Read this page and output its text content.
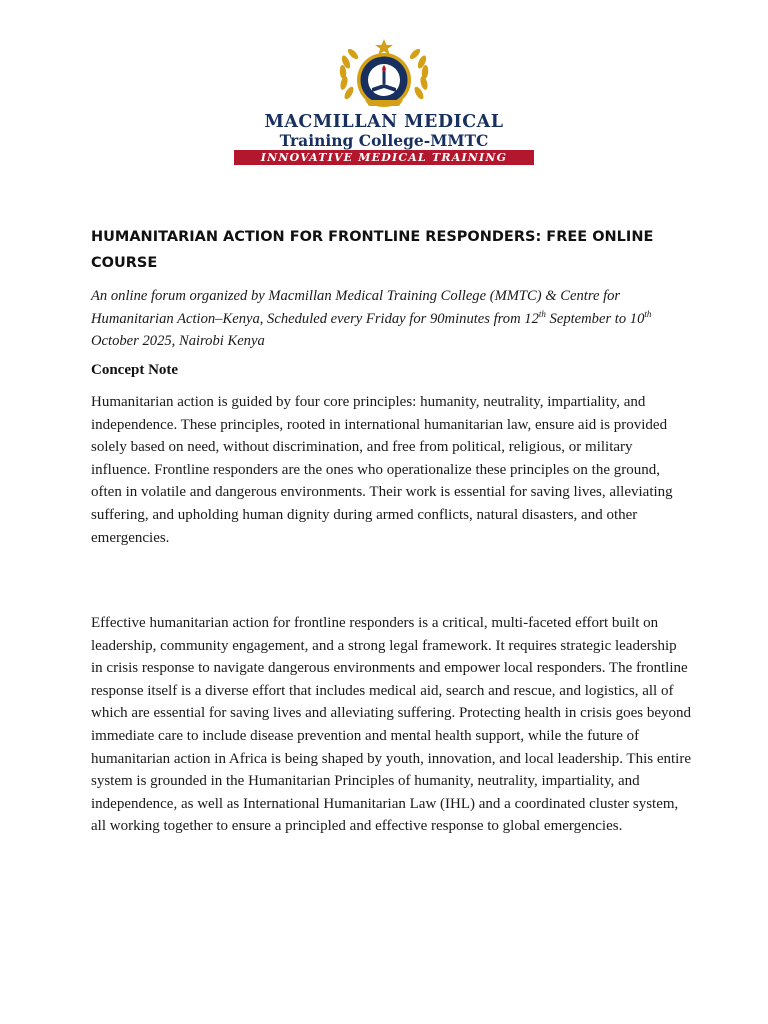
MACMILLAN MEDICAL
Training College-MMTC
INNOVATIVE MEDICAL TRAINING
HUMANITARIAN ACTION FOR FRONTLINE RESPONDERS: FREE ONLINE COURSE

An online forum organized by Macmillan Medical Training College (MMTC) & Centre for Humanitarian Action–Kenya, Scheduled every Friday for 90minutes from 12th September to 10th October 2025, Nairobi Kenya

Concept Note

Humanitarian action is guided by four core principles: humanity, neutrality, impartiality, and independence. These principles, rooted in international humanitarian law, ensure aid is provided solely based on need, without discrimination, and free from political, religious, or military influence. Frontline responders are the ones who operationalize these principles on the ground, often in volatile and dangerous environments. Their work is essential for saving lives, alleviating suffering, and upholding human dignity during armed conflicts, natural disasters, and other emergencies.

Effective humanitarian action for frontline responders is a critical, multi-faceted effort built on leadership, community engagement, and a strong legal framework. It requires strategic leadership in crisis response to navigate dangerous environments and empower local responders. The frontline response itself is a diverse effort that includes medical aid, search and rescue, and logistics, all of which are essential for saving lives and alleviating suffering. Protecting health in crisis goes beyond immediate care to include disease prevention and mental health support, while the future of humanitarian action in Africa is being shaped by youth, innovation, and local leadership. This entire system is grounded in the Humanitarian Principles of humanity, neutrality, impartiality, and independence, as well as International Humanitarian Law (IHL) and a coordinated cluster system, all working together to ensure a principled and effective response to global emergencies.
